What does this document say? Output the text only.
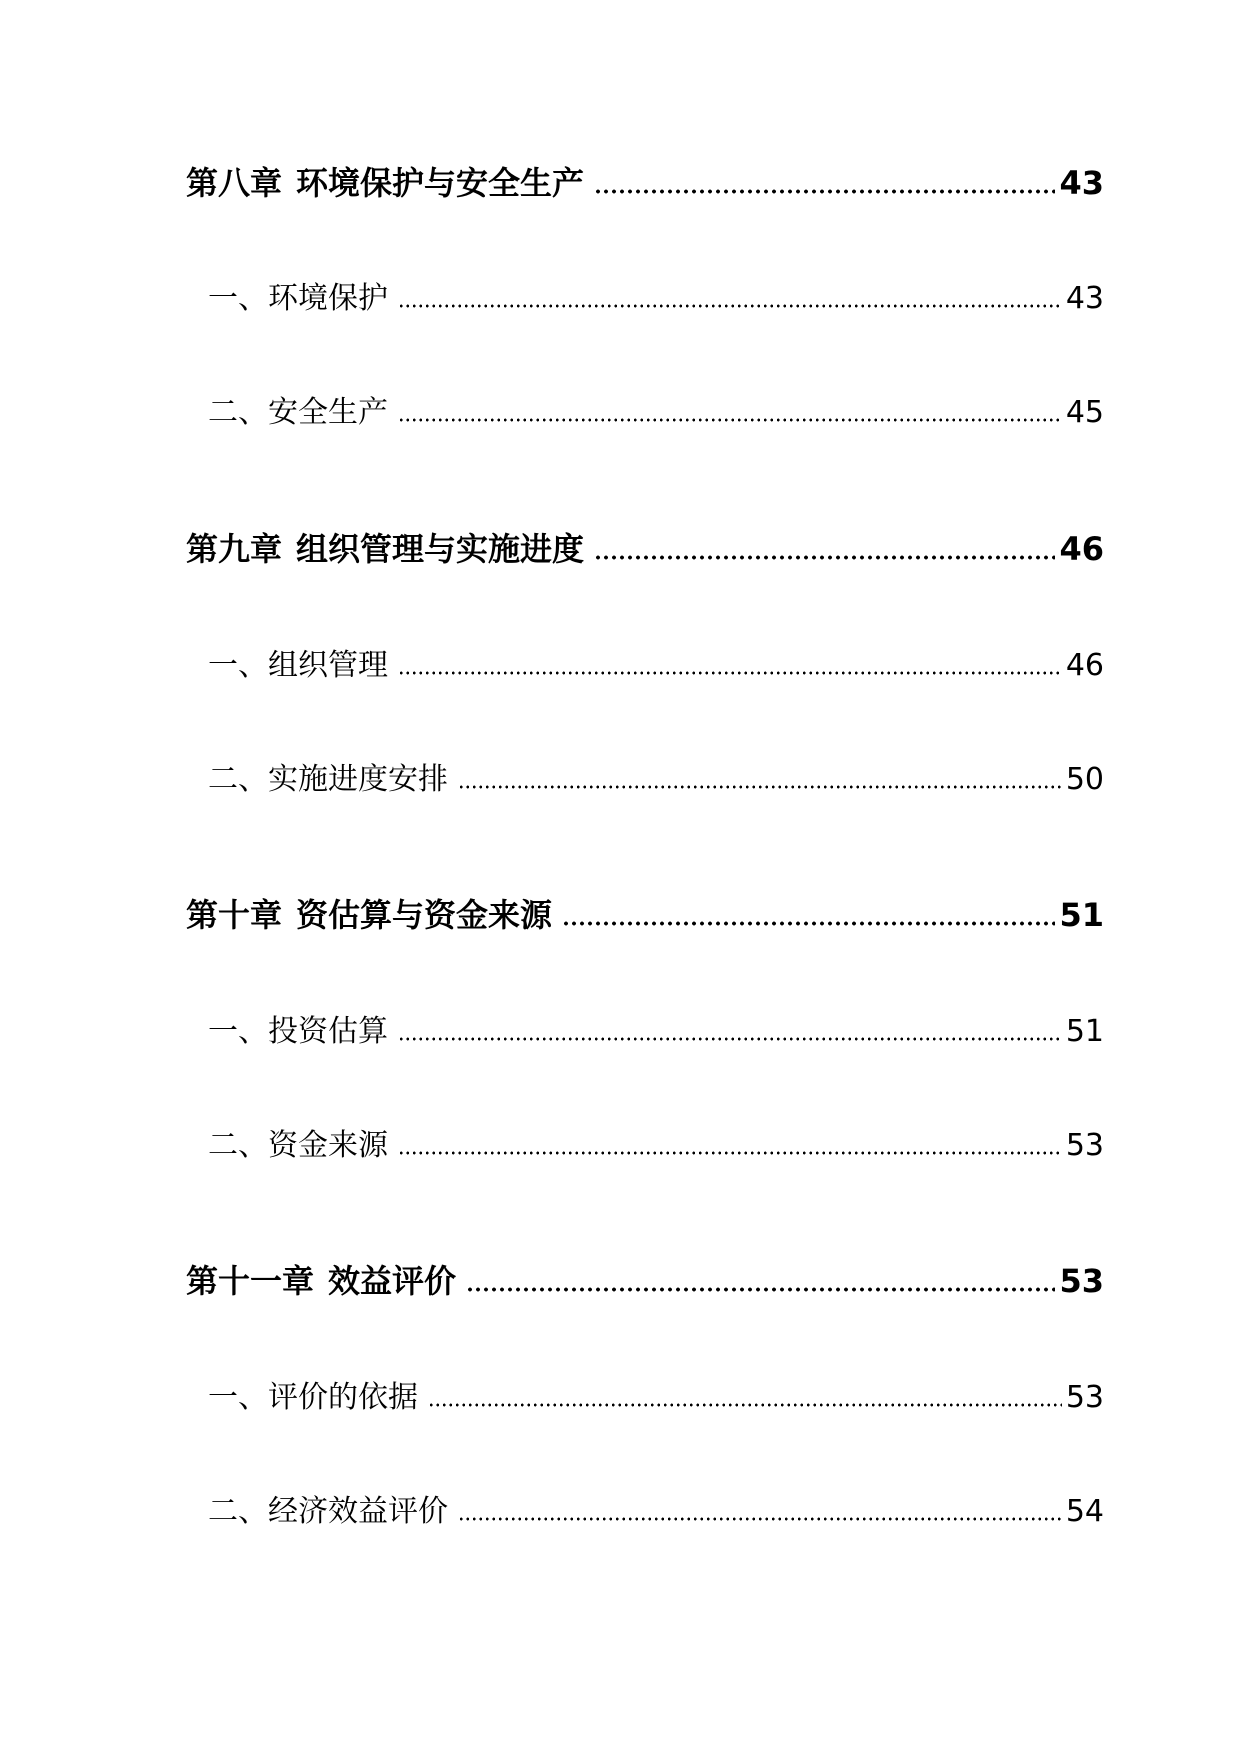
第八章 环境保护与安全生产	43
一、环境保护	43
二、安全生产	45
第九章 组织管理与实施进度	46
一、组织管理	46
二、实施进度安排	50
第十章 资估算与资金来源	51
一、投资估算	51
二、资金来源	53
第十一章 效益评价	53
一、评价的依据	53
二、经济效益评价	54
